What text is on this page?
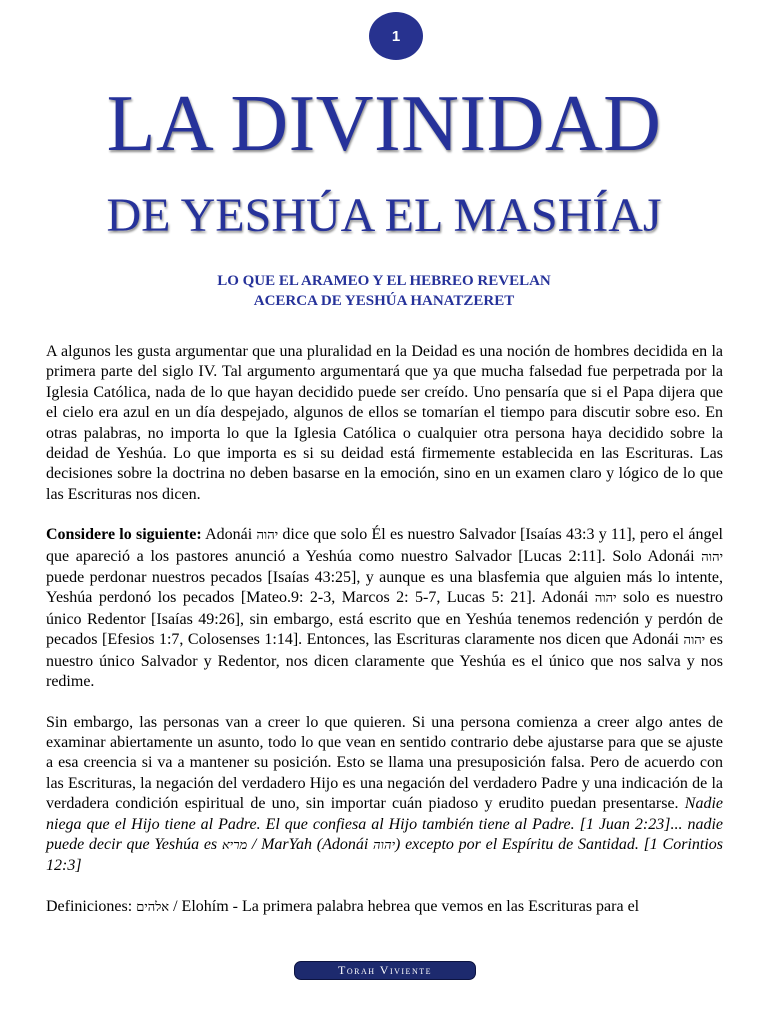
1
LA DIVINIDAD
DE YESHÚA EL MASHÍAJ
LO QUE EL ARAMEO Y EL HEBREO REVELAN
ACERCA DE YESHÚA HANATZERET

A algunos les gusta argumentar que una pluralidad en la Deidad es una noción de hombres decidida en la primera parte del siglo IV. Tal argumento argumentará que ya que mucha falsedad fue perpetrada por la Iglesia Católica, nada de lo que hayan decidido puede ser creído. Uno pensaría que si el Papa dijera que el cielo era azul en un día despejado, algunos de ellos se tomarían el tiempo para discutir sobre eso. En otras palabras, no importa lo que la Iglesia Católica o cualquier otra persona haya decidido sobre la deidad de Yeshúa. Lo que importa es si su deidad está firmemente establecida en las Escrituras. Las decisiones sobre la doctrina no deben basarse en la emoción, sino en un examen claro y lógico de lo que las Escrituras nos dicen.

Considere lo siguiente: Adonái יהוה dice que solo Él es nuestro Salvador [Isaías 43:3 y 11], pero el ángel que apareció a los pastores anunció a Yeshúa como nuestro Salvador [Lucas 2:11]. Solo Adonái יהוה puede perdonar nuestros pecados [Isaías 43:25], y aunque es una blasfemia que alguien más lo intente, Yeshúa perdonó los pecados [Mateo.9: 2-3, Marcos 2: 5-7, Lucas 5: 21]. Adonái יהוה solo es nuestro único Redentor [Isaías 49:26], sin embargo, está escrito que en Yeshúa tenemos redención y perdón de pecados [Efesios 1:7, Colosenses 1:14]. Entonces, las Escrituras claramente nos dicen que Adonái יהוה es nuestro único Salvador y Redentor, nos dicen claramente que Yeshúa es el único que nos salva y nos redime.

Sin embargo, las personas van a creer lo que quieren. Si una persona comienza a creer algo antes de examinar abiertamente un asunto, todo lo que vean en sentido contrario debe ajustarse para que se ajuste a esa creencia si va a mantener su posición. Esto se llama una presuposición falsa. Pero de acuerdo con las Escrituras, la negación del verdadero Hijo es una negación del verdadero Padre y una indicación de la verdadera condición espiritual de uno, sin importar cuán piadoso y erudito puedan presentarse. Nadie niega que el Hijo tiene al Padre. El que confiesa al Hijo también tiene al Padre. [1 Juan 2:23]... nadie puede decir que Yeshúa es מריא / MarYah (Adonái יהוה) excepto por el Espíritu de Santidad. [1 Corintios 12:3]

Definiciones: אלהים / Elohím - La primera palabra hebrea que vemos en las Escrituras para el

Torah Viviente
